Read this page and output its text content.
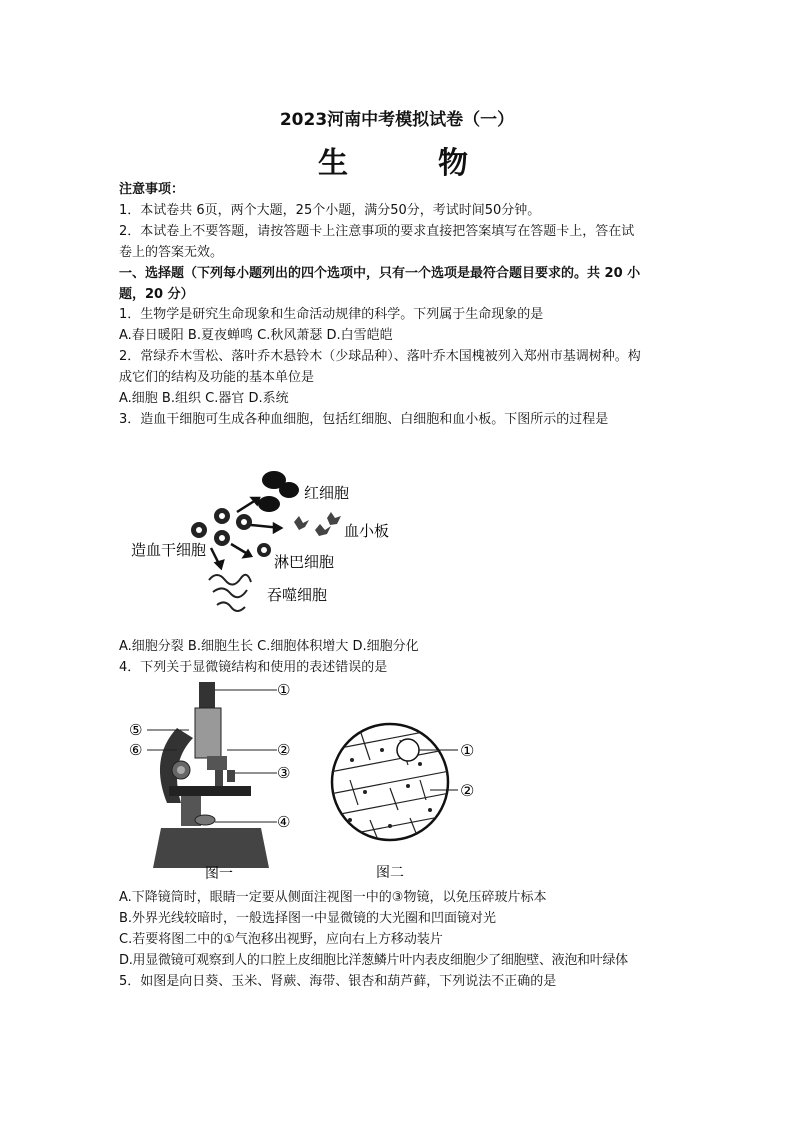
2023河南中考模拟试卷（一）
生　物
注意事项：
1．本试卷共 6页，两个大题，25个小题，满分50分，考试时间50分钟。
2．本试卷上不要答题，请按答题卡上注意事项的要求直接把答案填写在答题卡上，答在试
卷上的答案无效。
一、选择题（下列每小题列出的四个选项中，只有一个选项是最符合题目要求的。共 20 小
题，20 分）
1．生物学是研究生命现象和生命活动规律的科学。下列属于生命现象的是
A.春日暖阳 B.夏夜蝉鸣 C.秋风萧瑟 D.白雪皑皑
2．常绿乔木雪松、落叶乔木悬铃木（少球品种）、落叶乔木国槐被列入郑州市基调树种。构
成它们的结构及功能的基本单位是
A.细胞 B.组织 C.器官 D.系统
3．造血干细胞可生成各种血细胞，包括红细胞、白细胞和血小板。下图所示的过程是
红细胞
血小板
造血干细胞
淋巴细胞
吞噬细胞
A.细胞分裂 B.细胞生长 C.细胞体积增大 D.细胞分化
4．下列关于显微镜结构和使用的表述错误的是
①
②
③
④
⑤
⑥
图一
①
②
图二
A.下降镜筒时，眼睛一定要从侧面注视图一中的③物镜，以免压碎玻片标本
B.外界光线较暗时，一般选择图一中显微镜的大光圈和凹面镜对光
C.若要将图二中的①气泡移出视野，应向右上方移动装片
D.用显微镜可观察到人的口腔上皮细胞比洋葱鳞片叶内表皮细胞少了细胞壁、液泡和叶绿体
5．如图是向日葵、玉米、肾蕨、海带、银杏和葫芦藓，下列说法不正确的是
